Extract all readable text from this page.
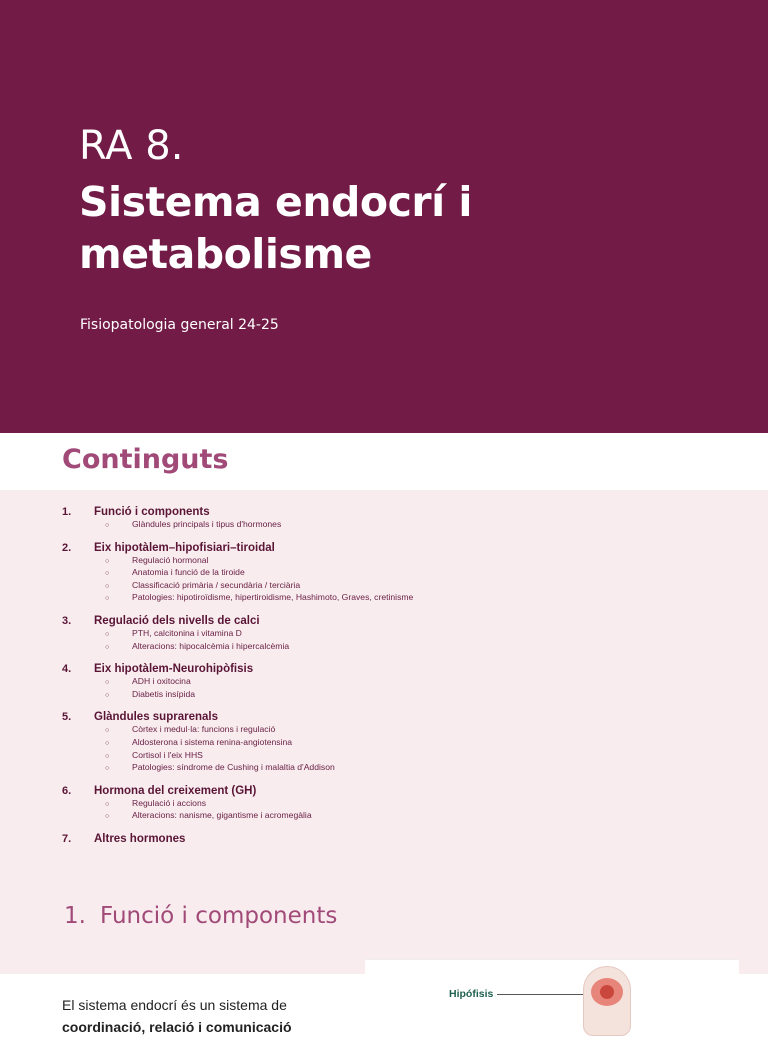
RA 8.
Sistema endocrí i
metabolisme
Fisiopatologia general 24-25
Continguts
1.	Funció i components
○	Glàndules principals i tipus d'hormones
2.	Eix hipotàlem–hipofisiari–tiroidal
○	Regulació hormonal
○	Anatomia i funció de la tiroide
○	Classificació primària / secundària / terciària
○	Patologies: hipotiroïdisme, hipertiroidisme, Hashimoto, Graves, cretinisme
3.	Regulació dels nivells de calci
○	PTH, calcitonina i vitamina D
○	Alteracions: hipocalcèmia i hipercalcèmia
4.	Eix hipotàlem-Neurohipòfisis
○	ADH i oxitocina
○	Diabetis insípida
5.	Glàndules suprarenals
○	Còrtex i medul·la: funcions i regulació
○	Aldosterona i sistema renina-angiotensina
○	Cortisol i l'eix HHS
○	Patologies: síndrome de Cushing i malaltia d'Addison
6.	Hormona del creixement (GH)
○	Regulació i accions
○	Alteracions: nanisme, gigantisme i acromegàlia
7.	Altres hormones
1. Funció i components
El sistema endocrí és un sistema de
coordinació, relació i comunicació
Hipófisis
